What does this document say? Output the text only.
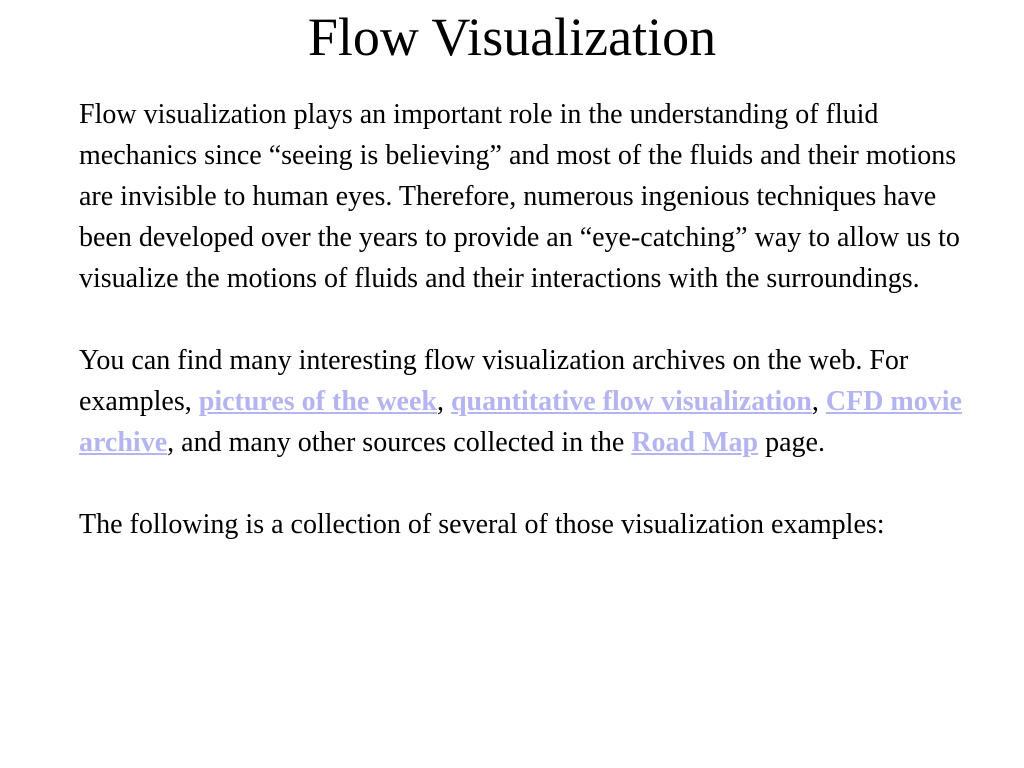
Flow Visualization

Flow visualization plays an important role in the understanding of fluid mechanics since “seeing is believing” and most of the fluids and their motions are invisible to human eyes. Therefore, numerous ingenious techniques have been developed over the years to provide an “eye-catching” way to allow us to visualize the motions of fluids and their interactions with the surroundings.

You can find many interesting flow visualization archives on the web. For examples, pictures of the week, quantitative flow visualization, CFD movie archive, and many other sources collected in the Road Map page.

The following is a collection of several of those visualization examples:
